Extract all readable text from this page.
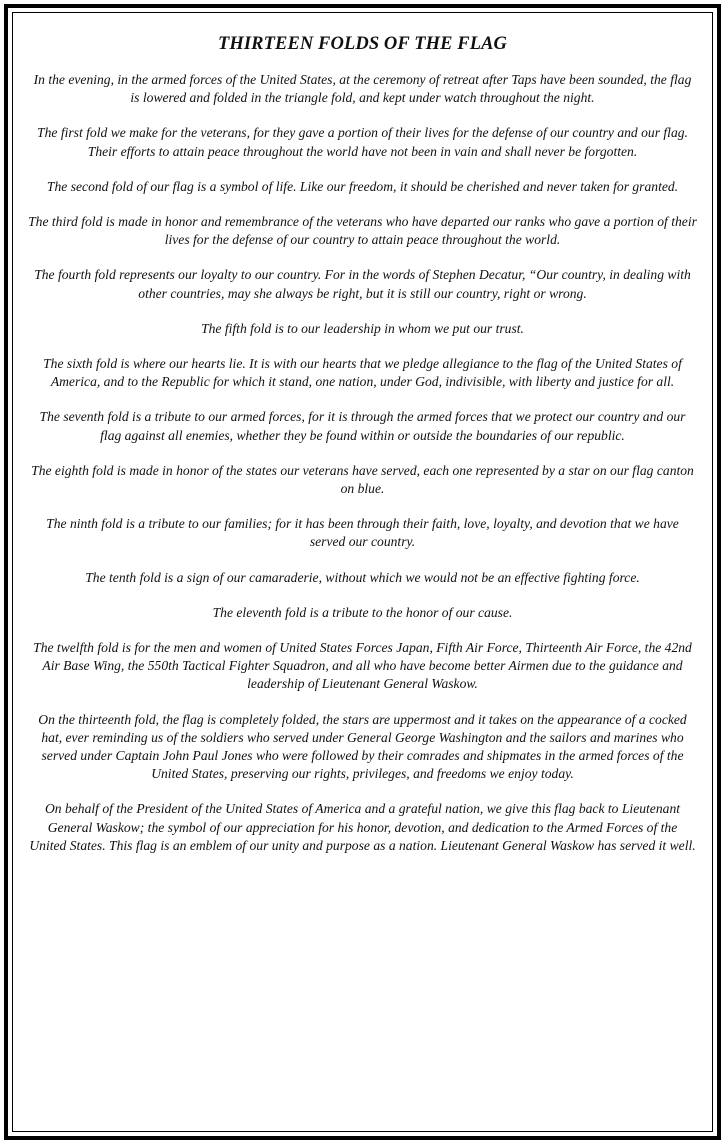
THIRTEEN FOLDS OF THE FLAG

In the evening, in the armed forces of the United States, at the ceremony of retreat after Taps have been sounded, the flag is lowered and folded in the triangle fold, and kept under watch throughout the night.

The first fold we make for the veterans, for they gave a portion of their lives for the defense of our country and our flag. Their efforts to attain peace throughout the world have not been in vain and shall never be forgotten.

The second fold of our flag is a symbol of life. Like our freedom, it should be cherished and never taken for granted.

The third fold is made in honor and remembrance of the veterans who have departed our ranks who gave a portion of their lives for the defense of our country to attain peace throughout the world.

The fourth fold represents our loyalty to our country. For in the words of Stephen Decatur, “Our country, in dealing with other countries, may she always be right, but it is still our country, right or wrong.

The fifth fold is to our leadership in whom we put our trust.

The sixth fold is where our hearts lie. It is with our hearts that we pledge allegiance to the flag of the United States of America, and to the Republic for which it stand, one nation, under God, indivisible, with liberty and justice for all.

The seventh fold is a tribute to our armed forces, for it is through the armed forces that we protect our country and our flag against all enemies, whether they be found within or outside the boundaries of our republic.

The eighth fold is made in honor of the states our veterans have served, each one represented by a star on our flag canton on blue.

The ninth fold is a tribute to our families; for it has been through their faith, love, loyalty, and devotion that we have served our country.

The tenth fold is a sign of our camaraderie, without which we would not be an effective fighting force.

The eleventh fold is a tribute to the honor of our cause.

The twelfth fold is for the men and women of United States Forces Japan, Fifth Air Force, Thirteenth Air Force, the 42nd Air Base Wing, the 550th Tactical Fighter Squadron, and all who have become better Airmen due to the guidance and leadership of Lieutenant General Waskow.

On the thirteenth fold, the flag is completely folded, the stars are uppermost and it takes on the appearance of a cocked hat, ever reminding us of the soldiers who served under General George Washington and the sailors and marines who served under Captain John Paul Jones who were followed by their comrades and shipmates in the armed forces of the United States, preserving our rights, privileges, and freedoms we enjoy today.

On behalf of the President of the United States of America and a grateful nation, we give this flag back to Lieutenant General Waskow; the symbol of our appreciation for his honor, devotion, and dedication to the Armed Forces of the United States. This flag is an emblem of our unity and purpose as a nation. Lieutenant General Waskow has served it well.
